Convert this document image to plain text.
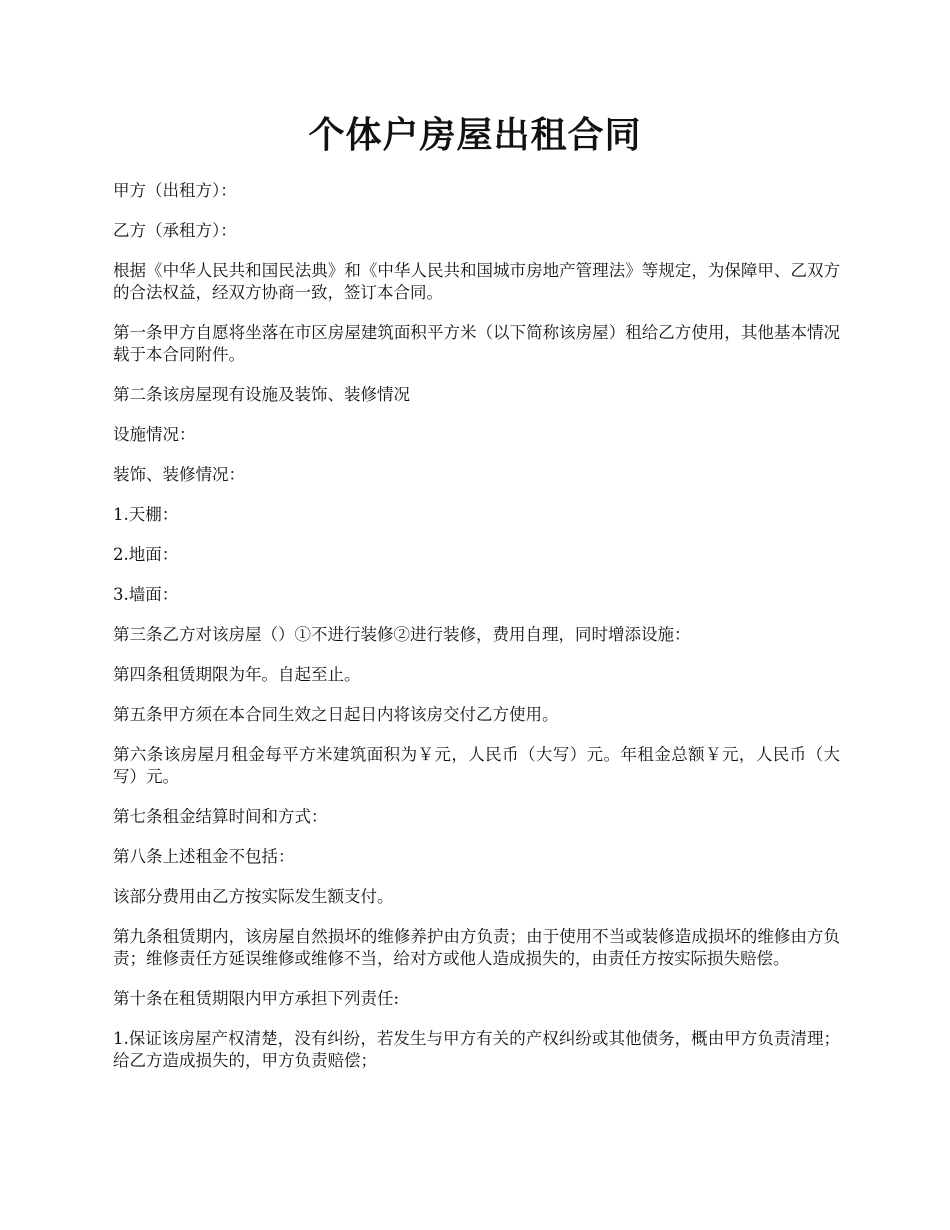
个体户房屋出租合同

甲方（出租方）：

乙方（承租方）：

根据《中华人民共和国民法典》和《中华人民共和国城市房地产管理法》等规定，为保障甲、乙双方的合法权益，经双方协商一致，签订本合同。

第一条甲方自愿将坐落在市区房屋建筑面积平方米（以下简称该房屋）租给乙方使用，其他基本情况载于本合同附件。

第二条该房屋现有设施及装饰、装修情况

设施情况：

装饰、装修情况：

1.天棚：

2.地面：

3.墙面：

第三条乙方对该房屋（）①不进行装修②进行装修，费用自理，同时增添设施：

第四条租赁期限为年。自起至止。

第五条甲方须在本合同生效之日起日内将该房交付乙方使用。

第六条该房屋月租金每平方米建筑面积为￥元，人民币（大写）元。年租金总额￥元，人民币（大写）元。

第七条租金结算时间和方式：

第八条上述租金不包括：

该部分费用由乙方按实际发生额支付。

第九条租赁期内，该房屋自然损坏的维修养护由方负责；由于使用不当或装修造成损坏的维修由方负责；维修责任方延误维修或维修不当，给对方或他人造成损失的，由责任方按实际损失赔偿。

第十条在租赁期限内甲方承担下列责任:

1.保证该房屋产权清楚，没有纠纷，若发生与甲方有关的产权纠纷或其他债务，概由甲方负责清理；给乙方造成损失的，甲方负责赔偿；
